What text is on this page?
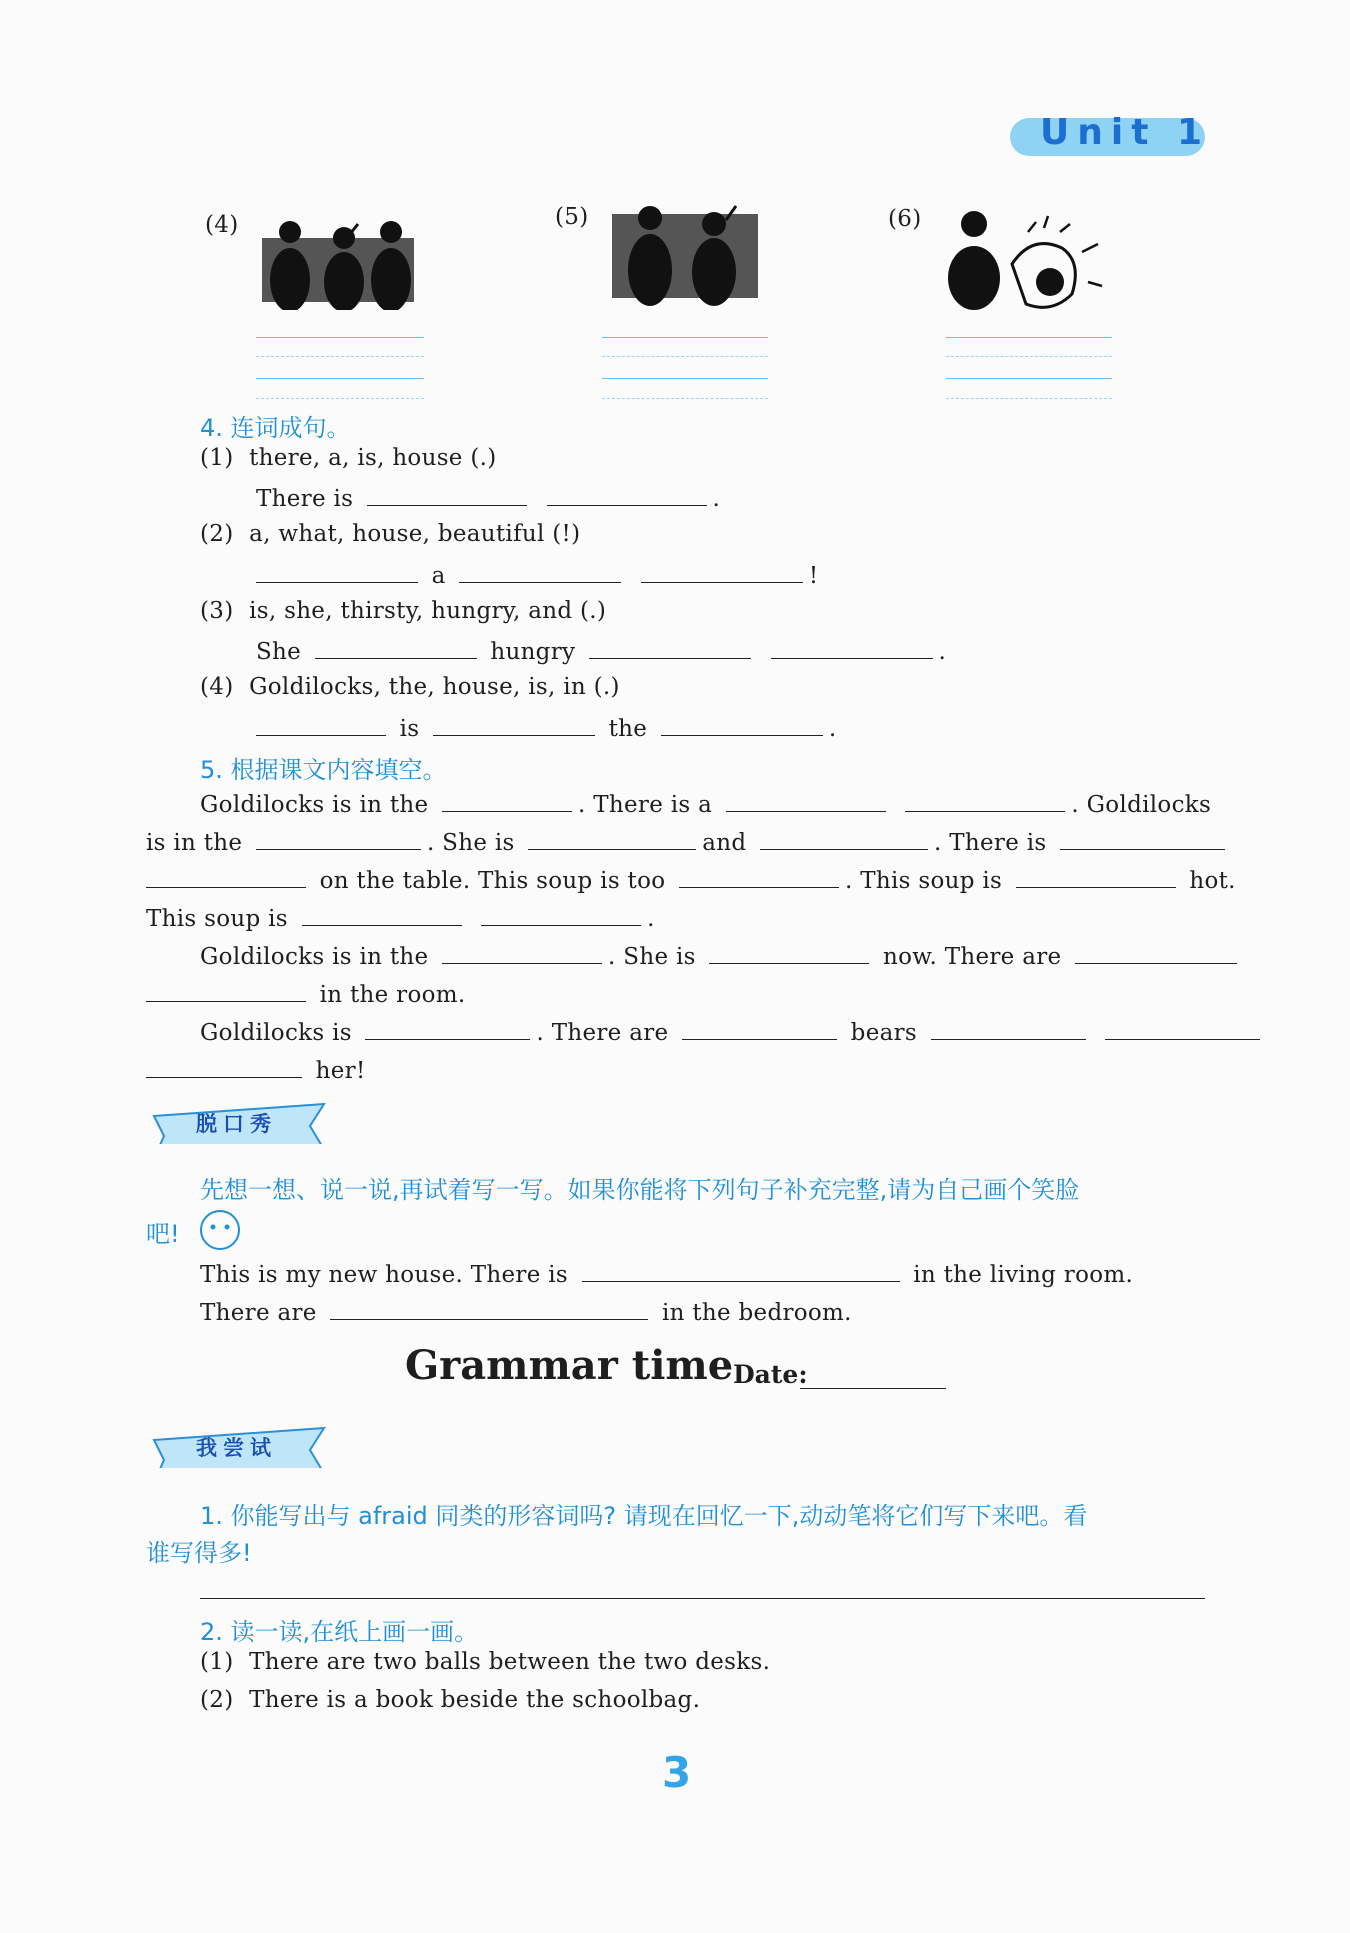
Unit 1
(4)	(5)	(6)
4. 连词成句。
(1) there, a, is, house (.)
There is	.
(2) a, what, house, beautiful (!)
a	!
(3) is, she, thirsty, hungry, and (.)
She	hungry	.
(4) Goldilocks, the, house, is, in (.)
is	the	.
5. 根据课文内容填空。
Goldilocks is in the	. There is a	. Goldilocks
is in the	. She is	and	. There is
on the table. This soup is too	. This soup is	hot.
This soup is	.
Goldilocks is in the	. She is	now. There are
in the room.
Goldilocks is	. There are	bears
her!
脱口秀
先想一想、说一说,再试着写一写。如果你能将下列句子补充完整,请为自己画个笑脸
吧!
This is my new house. There is	in the living room.
There are	in the bedroom.
Grammar time Date:
我尝试
1. 你能写出与 afraid 同类的形容词吗? 请现在回忆一下,动动笔将它们写下来吧。看
谁写得多!
2. 读一读,在纸上画一画。
(1) There are two balls between the two desks.
(2) There is a book beside the schoolbag.
3
